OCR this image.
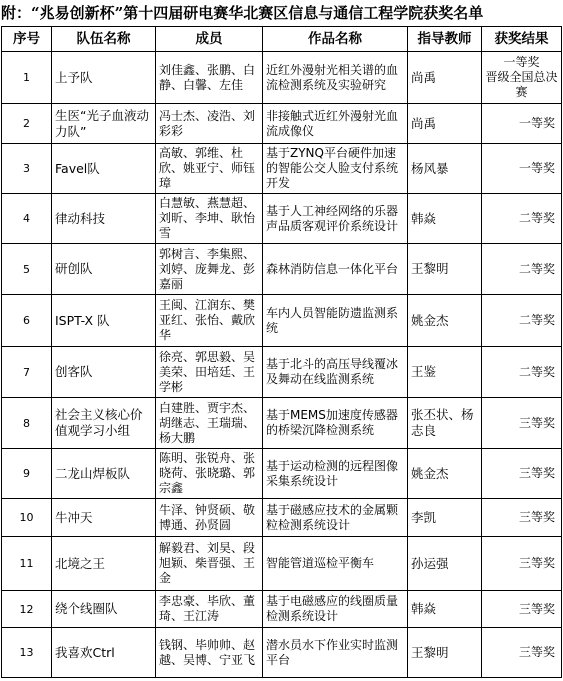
附：“兆易创新杯”第十四届研电赛华北赛区信息与通信工程学院获奖名单
序号	队伍名称	成员	作品名称	指导教师	获奖结果
1	上予队	刘佳鑫、张鹏、白静、白馨、左佳	近红外漫射光相关谱的血流检测系统及实验研究	尚禹	一等奖
晋级全国总决赛

2	生医“光子血液动力队”	冯士杰、凌浩、刘彩彩	非接触式近红外漫射光血流成像仪	尚禹	一等奖
3	Favel队	高敏、郭维、杜欣、姚亚宁、师钰璋	基于ZYNQ平台硬件加速的智能公交人脸支付系统开发	杨风暴	一等奖
4	律动科技	白慧敏、燕慧超、刘昕、李坤、耿怡雪	基于人工神经网络的乐器声品质客观评价系统设计	韩焱	二等奖
5	研创队	郭树言、李集熙、刘婷、庞舞龙、彭嘉丽	森林消防信息一体化平台	王黎明	二等奖
6	ISPT-X 队	王闽、江润东、樊亚红、张怡、戴欣华	车内人员智能防遗监测系统	姚金杰	二等奖
7	创客队	徐亮、郭思毅、吴美荣、田培廷、王学彬	基于北斗的高压导线覆冰及舞动在线监测系统	王鉴	二等奖
8	社会主义核心价值观学习小组	白建胜、贾宇杰、胡继志、王瑞瑞、杨大鹏	基于MEMS加速度传感器的桥梁沉降检测系统	张丕状、杨志良	三等奖
9	二龙山焊板队	陈明、张锐舟、张晓荷、张晓璐、郭宗鑫	基于运动检测的远程图像采集系统设计	姚金杰	三等奖
10	牛冲天	牛泽、钟贤硕、敬博通、孙贤圆	基于磁感应技术的金属颗粒检测系统设计	李凯	三等奖
11	北境之王	解毅君、刘昊、段旭颖、柴晋强、王金	智能管道巡检平衡车	孙运强	三等奖
12	绕个线圈队	李忠豪、毕欣、董琦、王江涛	基于电磁感应的线圈质量检测系统设计	韩焱	三等奖
13	我喜欢Ctrl	钱钢、毕帅帅、赵越、吴博、宁亚飞	潜水员水下作业实时监测平台	王黎明	三等奖
